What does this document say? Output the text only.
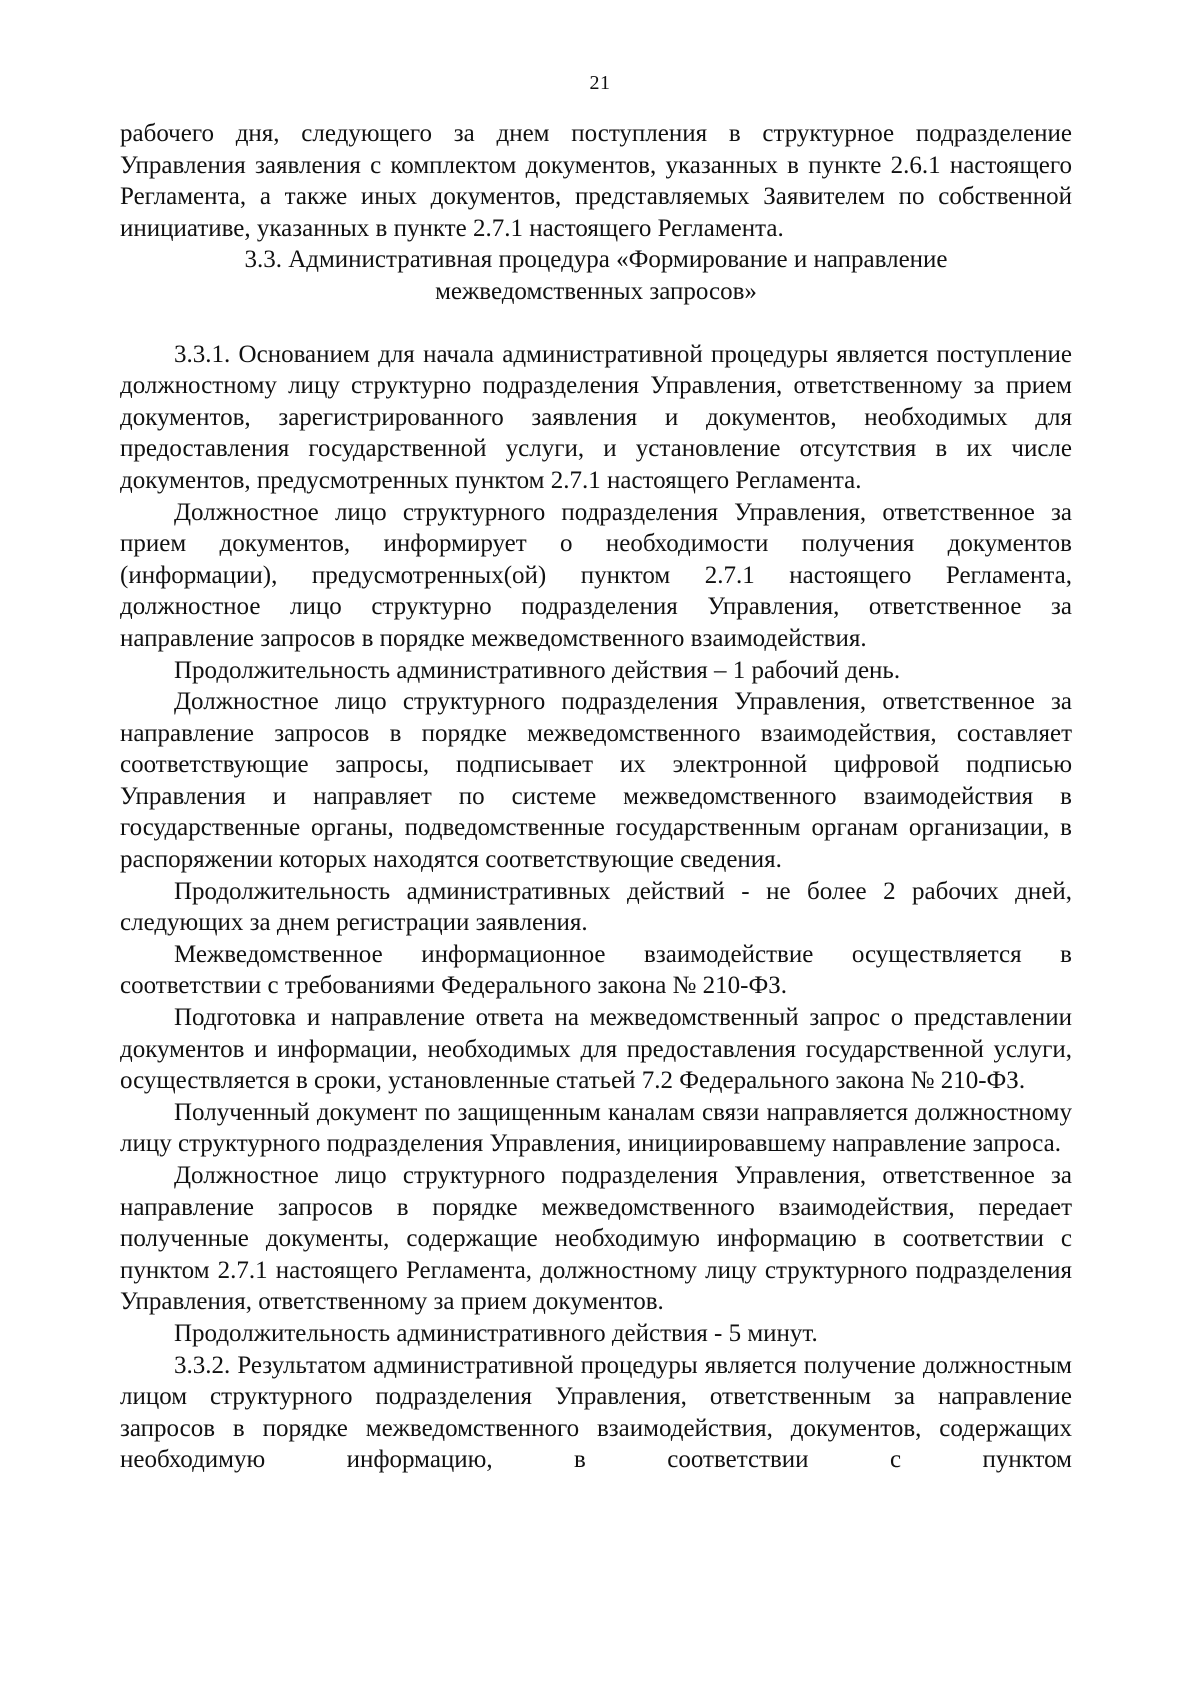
21

рабочего дня, следующего за днем поступления в структурное подразделение Управления заявления с комплектом документов, указанных в пункте 2.6.1 настоящего Регламента, а также иных документов, представляемых Заявителем по собственной инициативе, указанных в пункте 2.7.1 настоящего Регламента.

3.3. Административная процедура «Формирование и направление
межведомственных запросов»

3.3.1. Основанием для начала административной процедуры является поступление должностному лицу структурно подразделения Управления, ответственному за прием документов, зарегистрированного заявления и документов, необходимых для предоставления государственной услуги, и установление отсутствия в их числе документов, предусмотренных пунктом 2.7.1 настоящего Регламента.

Должностное лицо структурного подразделения Управления, ответственное за прием документов, информирует о необходимости получения документов (информации), предусмотренных(ой) пунктом 2.7.1 настоящего Регламента, должностное лицо структурно подразделения Управления, ответственное за направление запросов в порядке межведомственного взаимодействия.

Продолжительность административного действия – 1 рабочий день.

Должностное лицо структурного подразделения Управления, ответственное за направление запросов в порядке межведомственного взаимодействия, составляет соответствующие запросы, подписывает их электронной цифровой подписью Управления и направляет по системе межведомственного взаимодействия в государственные органы, подведомственные государственным органам организации, в распоряжении которых находятся соответствующие сведения.

Продолжительность административных действий - не более 2 рабочих дней, следующих за днем регистрации заявления.

Межведомственное информационное взаимодействие осуществляется в соответствии с требованиями Федерального закона № 210-ФЗ.

Подготовка и направление ответа на межведомственный запрос о представлении документов и информации, необходимых для предоставления государственной услуги, осуществляется в сроки, установленные статьей 7.2 Федерального закона № 210-ФЗ.

Полученный документ по защищенным каналам связи направляется должностному лицу структурного подразделения Управления, инициировавшему направление запроса.

Должностное лицо структурного подразделения Управления, ответственное за направление запросов в порядке межведомственного взаимодействия, передает полученные документы, содержащие необходимую информацию в соответствии с пунктом 2.7.1 настоящего Регламента, должностному лицу структурного подразделения Управления, ответственному за прием документов.

Продолжительность административного действия - 5 минут.

3.3.2. Результатом административной процедуры является получение должностным лицом структурного подразделения Управления, ответственным за направление запросов в порядке межведомственного взаимодействия, документов, содержащих необходимую информацию, в соответствии с пунктом
